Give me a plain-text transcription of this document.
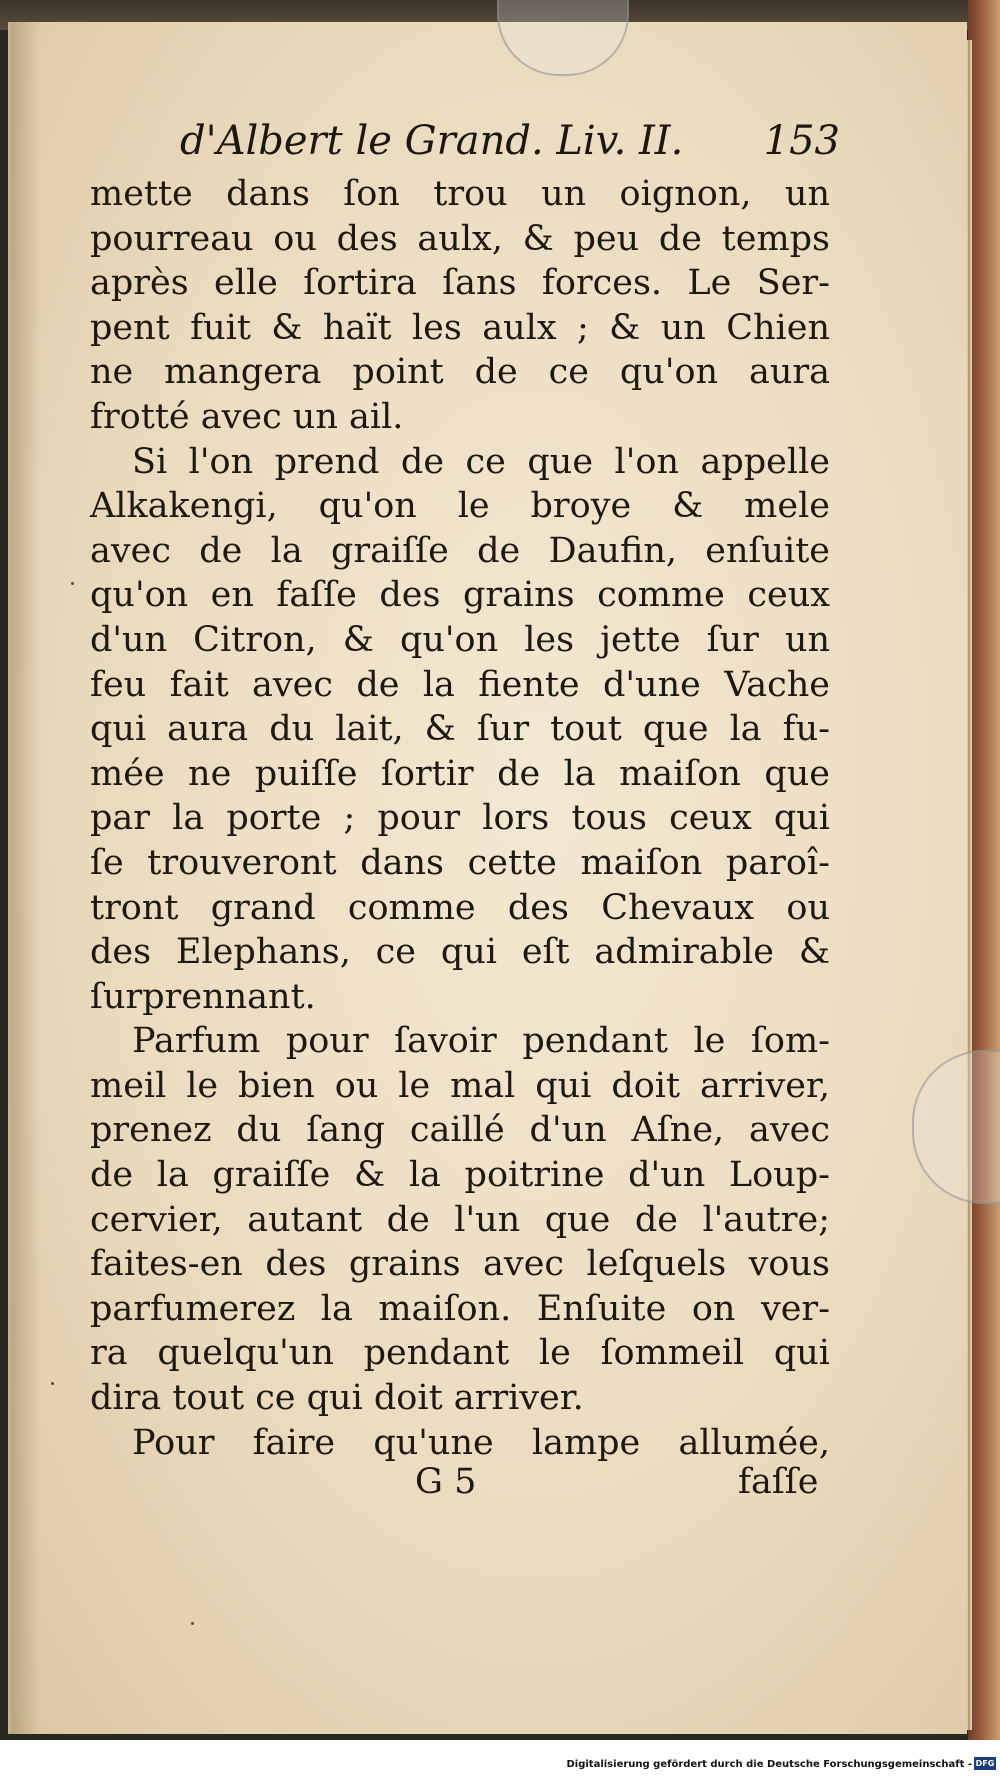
d'Albert le Grand. Liv. II. 153
mette dans ſon trou un oignon, un
pourreau ou des aulx, & peu de temps
après elle ſortira ſans forces. Le Ser-
pent fuit & haït les aulx ; & un Chien
ne mangera point de ce qu'on aura
frotté avec un ail.
Si l'on prend de ce que l'on appelle
Alkakengi, qu'on le broye & mele
avec de la graiſſe de Daufin, enſuite
qu'on en faſſe des grains comme ceux
d'un Citron, & qu'on les jette ſur un
feu fait avec de la fiente d'une Vache
qui aura du lait, & ſur tout que la fu-
mée ne puiſſe ſortir de la maiſon que
par la porte ; pour lors tous ceux qui
ſe trouveront dans cette maiſon paroî-
tront grand comme des Chevaux ou
des Elephans, ce qui eſt admirable &
ſurprennant.
Parfum pour ſavoir pendant le ſom-
meil le bien ou le mal qui doit arriver,
prenez du ſang caillé d'un Aſne, avec
de la graiſſe & la poitrine d'un Loup-
cervier, autant de l'un que de l'autre;
faites-en des grains avec leſquels vous
parfumerez la maiſon. Enſuite on ver-
ra quelqu'un pendant le ſommeil qui
dira tout ce qui doit arriver.
Pour faire qu'une lampe allumée,
G 5	faſſe
Digitalisierung gefördert durch die Deutsche Forschungsgemeinschaft - DFG
